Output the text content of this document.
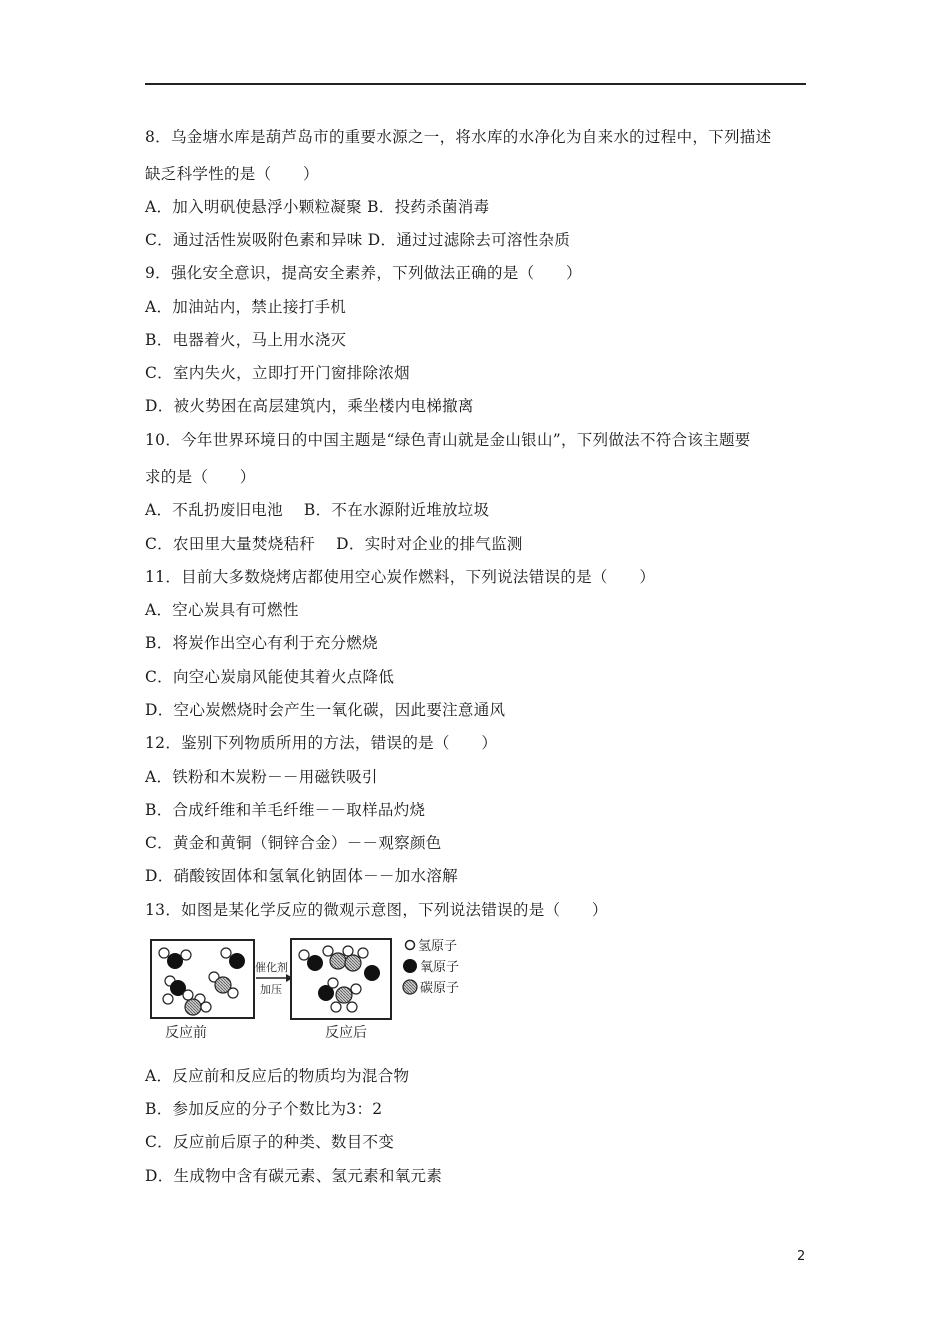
8．乌金塘水库是葫芦岛市的重要水源之一，将水库的水净化为自来水的过程中，下列描述
缺乏科学性的是（　　）
A．加入明矾使悬浮小颗粒凝聚 B．投药杀菌消毒
C．通过活性炭吸附色素和异味 D．通过过滤除去可溶性杂质
9．强化安全意识，提高安全素养，下列做法正确的是（　　）
A．加油站内，禁止接打手机
B．电器着火，马上用水浇灭
C．室内失火，立即打开门窗排除浓烟
D．被火势困在高层建筑内，乘坐楼内电梯撤离
10．今年世界环境日的中国主题是“绿色青山就是金山银山”，下列做法不符合该主题要
求的是（　　）
A．不乱扔废旧电池　 B．不在水源附近堆放垃圾
C．农田里大量焚烧秸秆　 D．实时对企业的排气监测
11．目前大多数烧烤店都使用空心炭作燃料，下列说法错误的是（　　）
A．空心炭具有可燃性
B．将炭作出空心有利于充分燃烧
C．向空心炭扇风能使其着火点降低
D．空心炭燃烧时会产生一氧化碳，因此要注意通风
12．鉴别下列物质所用的方法，错误的是（　　）
A．铁粉和木炭粉－－用磁铁吸引
B．合成纤维和羊毛纤维－－取样品灼烧
C．黄金和黄铜（铜锌合金）－－观察颜色
D．硝酸铵固体和氢氧化钠固体－－加水溶解
13．如图是某化学反应的微观示意图，下列说法错误的是（　　）
催化剂
加压
氢原子
氧原子
碳原子
反应前	反应后
A．反应前和反应后的物质均为混合物
B．参加反应的分子个数比为3：2
C．反应前后原子的种类、数目不变
D．生成物中含有碳元素、氢元素和氧元素
2
